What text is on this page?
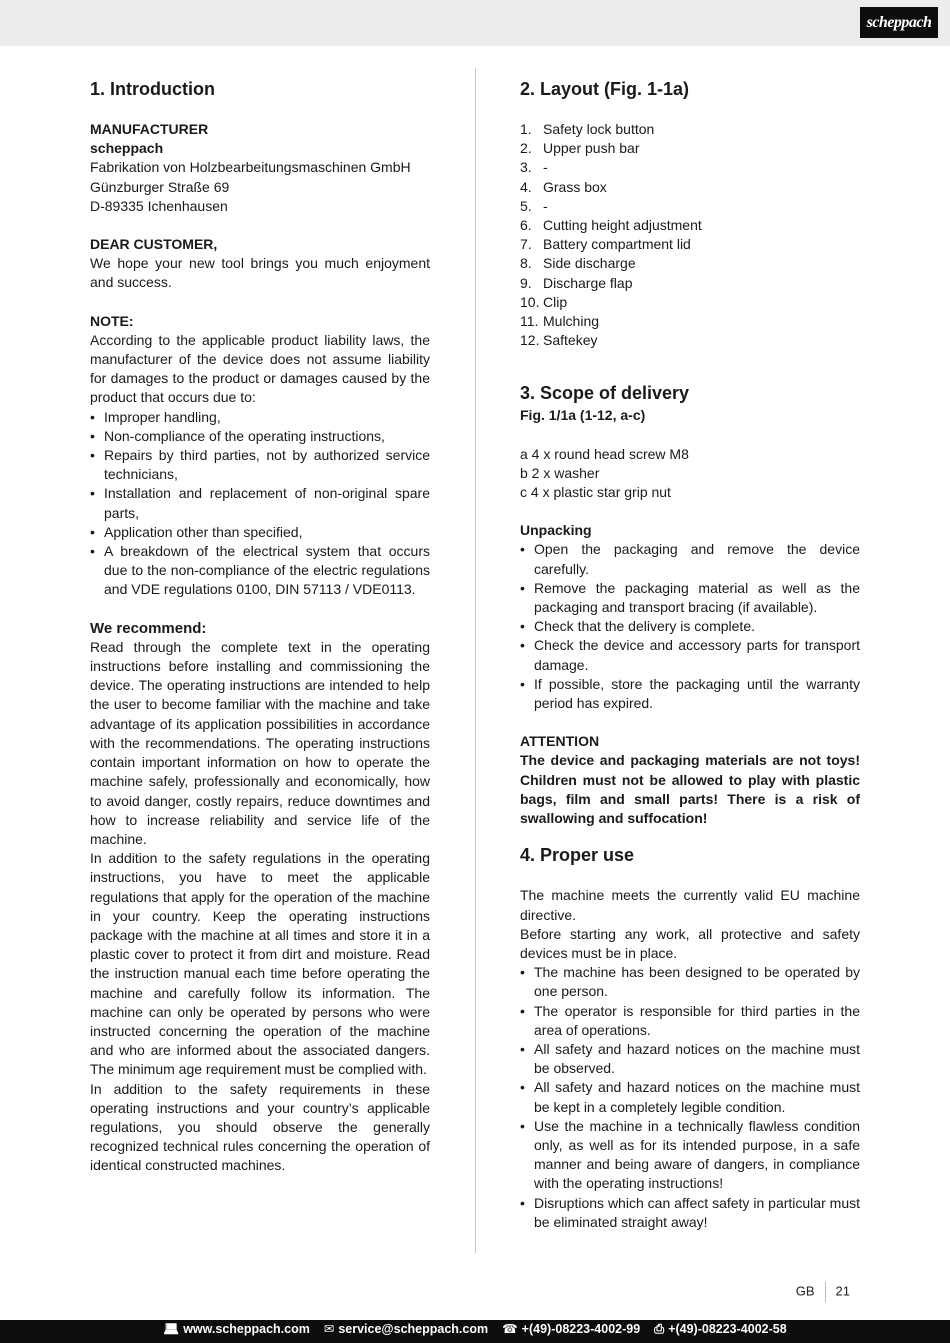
scheppach
1. Introduction
MANUFACTURER
scheppach
Fabrikation von Holzbearbeitungsmaschinen GmbH
Günzburger Straße 69
D-89335 Ichenhausen
DEAR CUSTOMER,

We hope your new tool brings you much enjoyment and success.

NOTE:

According to the applicable product liability laws, the manufacturer of the device does not assume liability for damages to the product or damages caused by the product that occurs due to:

• Improper handling,
• Non-compliance of the operating instructions,
• Repairs by third parties, not by authorized service technicians,
• Installation and replacement of non-original spare parts,
• Application other than specified,
• A breakdown of the electrical system that occurs due to the non-compliance of the electric regulations and VDE regulations 0100, DIN 57113 / VDE0113.
We recommend:

Read through the complete text in the operating instructions before installing and commissioning the device. The operating instructions are intended to help the user to become familiar with the machine and take advantage of its application possibilities in accordance with the recommendations. The operating instructions contain important information on how to operate the machine safely, professionally and economically, how to avoid danger, costly repairs, reduce downtimes and how to increase reliability and service life of the machine.

In addition to the safety regulations in the operating instructions, you have to meet the applicable regulations that apply for the operation of the machine in your country. Keep the operating instructions package with the machine at all times and store it in a plastic cover to protect it from dirt and moisture. Read the instruction manual each time before operating the machine and carefully follow its information. The machine can only be operated by persons who were instructed concerning the operation of the machine and who are informed about the associated dangers. The minimum age requirement must be complied with.

In addition to the safety requirements in these operating instructions and your country’s applicable regulations, you should observe the generally recognized technical rules concerning the operation of identical constructed machines.

2. Layout (Fig. 1-1a)
1. Safety lock button
2. Upper push bar
3. -
4. Grass box
5. -
6. Cutting height adjustment
7. Battery compartment lid
8. Side discharge
9. Discharge flap
10. Clip
11. Mulching
12. Saftekey
3. Scope of delivery
Fig. 1/1a (1-12, a-c)
a 4 x round head screw M8
b 2 x washer
c 4 x plastic star grip nut
Unpacking
• Open the packaging and remove the device carefully.
• Remove the packaging material as well as the packaging and transport bracing (if available).
• Check that the delivery is complete.
• Check the device and accessory parts for transport damage.
• If possible, store the packaging until the warranty period has expired.
ATTENTION

The device and packaging materials are not toys! Children must not be allowed to play with plastic bags, film and small parts! There is a risk of swallowing and suffocation!

4. Proper use

The machine meets the currently valid EU machine directive.

Before starting any work, all protective and safety devices must be in place.

• The machine has been designed to be operated by one person.
• The operator is responsible for third parties in the area of operations.
• All safety and hazard notices on the machine must be observed.
• All safety and hazard notices on the machine must be kept in a completely legible condition.
• Use the machine in a technically flawless condition only, as well as for its intended purpose, in a safe manner and being aware of dangers, in compliance with the operating instructions!
• Disruptions which can affect safety in particular must be eliminated straight away!
GB 21
💻︎ www.scheppach.com ✉︎ service@scheppach.com ☎︎ +(49)-08223-4002-99 ⎙ +(49)-08223-4002-58
